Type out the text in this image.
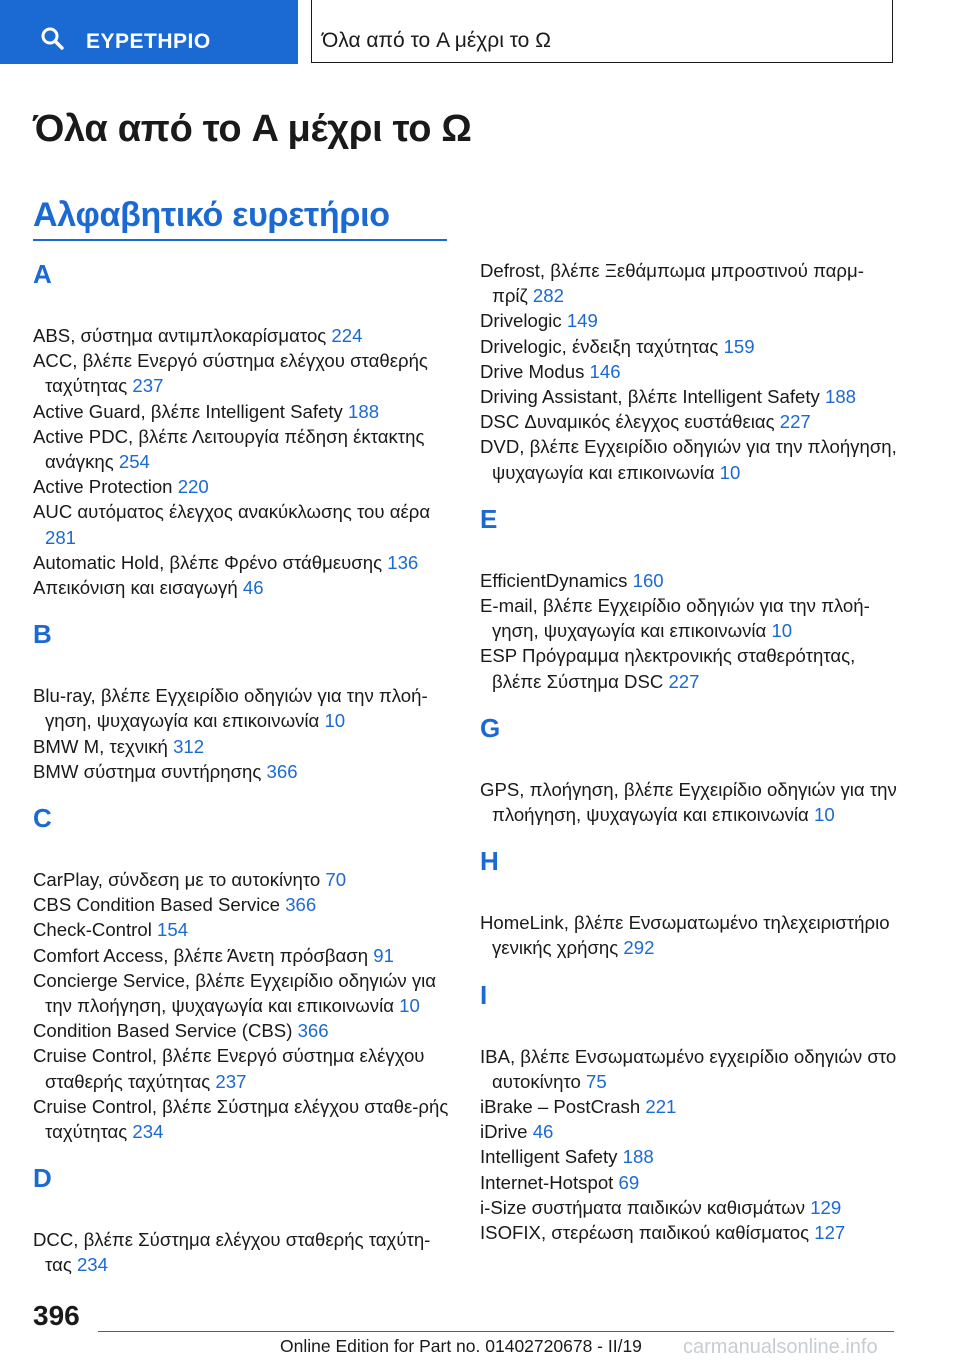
ΕΥΡΕΤΗΡΙΟ	Όλα από το A μέχρι το Ω
Όλα από το A μέχρι το Ω
Αλφαβητικό ευρετήριο
A
ABS, σύστημα αντιμπλοκαρίσματος 224
ACC, βλέπε Ενεργό σύστημα ελέγχου σταθερής ταχύτητας 237
Active Guard, βλέπε Intelligent Safety 188
Active PDC, βλέπε Λειτουργία πέδηση έκτακτης ανάγκης 254
Active Protection 220
AUC αυτόματος έλεγχος ανακύκλωσης του αέρα281
Automatic Hold, βλέπε Φρένο στάθμευσης 136
Απεικόνιση και εισαγωγή 46
B
Blu-ray, βλέπε Εγχειρίδιο οδηγιών για την πλοή-γηση, ψυχαγωγία και επικοινωνία 10
BMW M, τεχνική 312
BMW σύστημα συντήρησης 366
C
CarPlay, σύνδεση με το αυτοκίνητο 70
CBS Condition Based Service 366
Check-Control 154
Comfort Access, βλέπε Άνετη πρόσβαση 91
Concierge Service, βλέπε Εγχειρίδιο οδηγιών για την πλοήγηση, ψυχαγωγία και επικοινωνία 10
Condition Based Service (CBS) 366
Cruise Control, βλέπε Ενεργό σύστημα ελέγχου σταθερής ταχύτητας 237
Cruise Control, βλέπε Σύστημα ελέγχου σταθε-ρής ταχύτητας 234
D
DCC, βλέπε Σύστημα ελέγχου σταθερής ταχύτη-τας 234
Defrost, βλέπε Ξεθάμπωμα μπροστινού παρμ-πρίζ 282
Drivelogic 149
Drivelogic, ένδειξη ταχύτητας 159
Drive Modus 146
Driving Assistant, βλέπε Intelligent Safety 188
DSC Δυναμικός έλεγχος ευστάθειας 227
DVD, βλέπε Εγχειρίδιο οδηγιών για την πλοήγηση, ψυχαγωγία και επικοινωνία 10
E
EfficientDynamics 160
E-mail, βλέπε Εγχειρίδιο οδηγιών για την πλοή-γηση, ψυχαγωγία και επικοινωνία 10
ESP Πρόγραμμα ηλεκτρονικής σταθερότητας, βλέπε Σύστημα DSC 227
G
GPS, πλοήγηση, βλέπε Εγχειρίδιο οδηγιών για την πλοήγηση, ψυχαγωγία και επικοινωνία 10
H
HomeLink, βλέπε Ενσωματωμένο τηλεχειριστήριο γενικής χρήσης 292
I
IBA, βλέπε Ενσωματωμένο εγχειρίδιο οδηγιών στο αυτοκίνητο 75
iBrake – PostCrash 221
iDrive 46
Intelligent Safety 188
Internet-Hotspot 69
i-Size συστήματα παιδικών καθισμάτων 129
ISOFIX, στερέωση παιδικού καθίσματος 127
396
Online Edition for Part no. 01402720678 - II/19	carmanualsonline.info
